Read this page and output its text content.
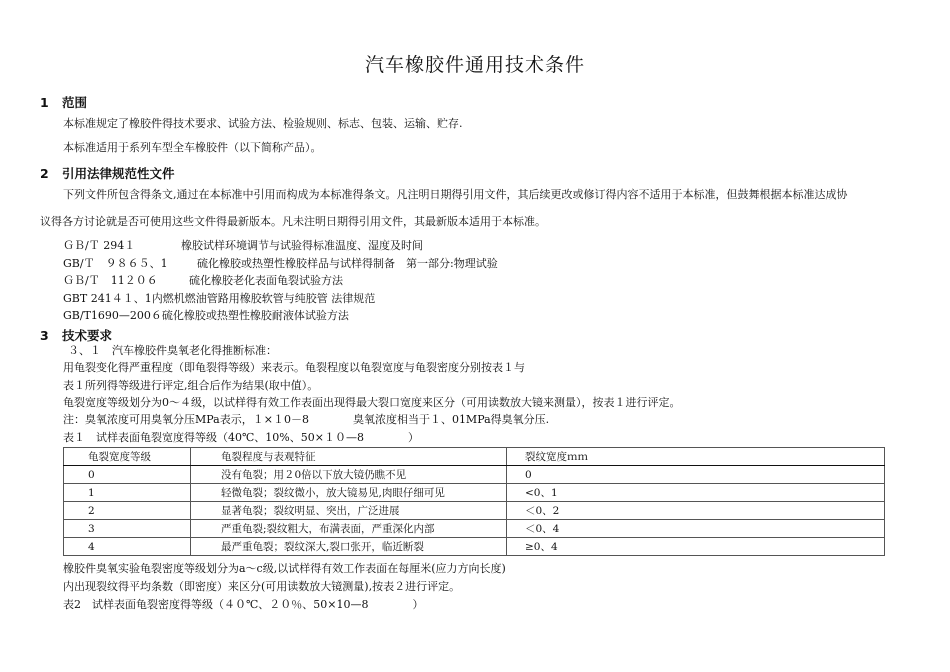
汽车橡胶件通用技术条件
1 范围
本标准规定了橡胶件得技术要求、试验方法、检验规则、标志、包装、运输、贮存.
本标准适用于系列车型全车橡胶件（以下简称产品）。
2 引用法律规范性文件
下列文件所包含得条文,通过在本标准中引用而构成为本标准得条文。凡注明日期得引用文件，其后续更改或修订得内容不适用于本标准，但鼓舞根据本标准达成协
议得各方讨论就是否可使用这些文件得最新版本。凡未注明日期得引用文件，其最新版本适用于本标准。
ＧＢ/Ｔ 294１	橡胶试样环境调节与试验得标准温度、湿度及时间
GB/Ｔ　９８６５、1	硫化橡胶或热塑性橡胶样品与试样得制备　第一部分:物理试验
ＧＢ/Ｔ　11２０６	硫化橡胶老化表面龟裂试验方法
GBT 241４１、1内燃机燃油管路用橡胶软管与纯胶管 法律规范
GB/T1690—200６硫化橡胶或热塑性橡胶耐液体试验方法
3 技术要求
３、１　汽车橡胶件臭氧老化得推断标准：
用龟裂变化得严重程度（即龟裂得等级）来表示。龟裂程度以龟裂宽度与龟裂密度分别按表１与
表１所列得等级进行评定,组合后作为结果(取中值）。
龟裂宽度等级划分为0～４级，以试样得有效工作表面出现得最大裂口宽度来区分（可用读数放大镜来测量），按表１进行评定。
注：臭氧浓度可用臭氧分压MPa表示，１×１0－8　　　　臭氧浓度相当于１、01MPa得臭氧分压.
表１　试样表面龟裂宽度得等级（40℃、10%、50×１０—8　　　　）
龟裂宽度等级	龟裂程度与表观特征	裂纹宽度ｍｍ
0	没有龟裂；用２0倍以下放大镜仍瞧不见	0
1	轻微龟裂；裂纹微小，放大镜易见,肉眼仔细可见	<0、1
2	显著龟裂；裂纹明显、突出，广泛进展	＜0、2
3	严重龟裂;裂纹粗大，布满表面，严重深化内部	＜0、4
4	最严重龟裂；裂纹深大,裂口张开，临近断裂	≥0、4
橡胶件臭氧实验龟裂密度等级划分为a～c级,以试样得有效工作表面在每厘米(应力方向长度)
内出现裂纹得平均条数（即密度）来区分(可用读数放大镜测量),按表２进行评定。
表2　试样表面龟裂密度得等级（４０℃、２０％、50×10—8　　　　）
